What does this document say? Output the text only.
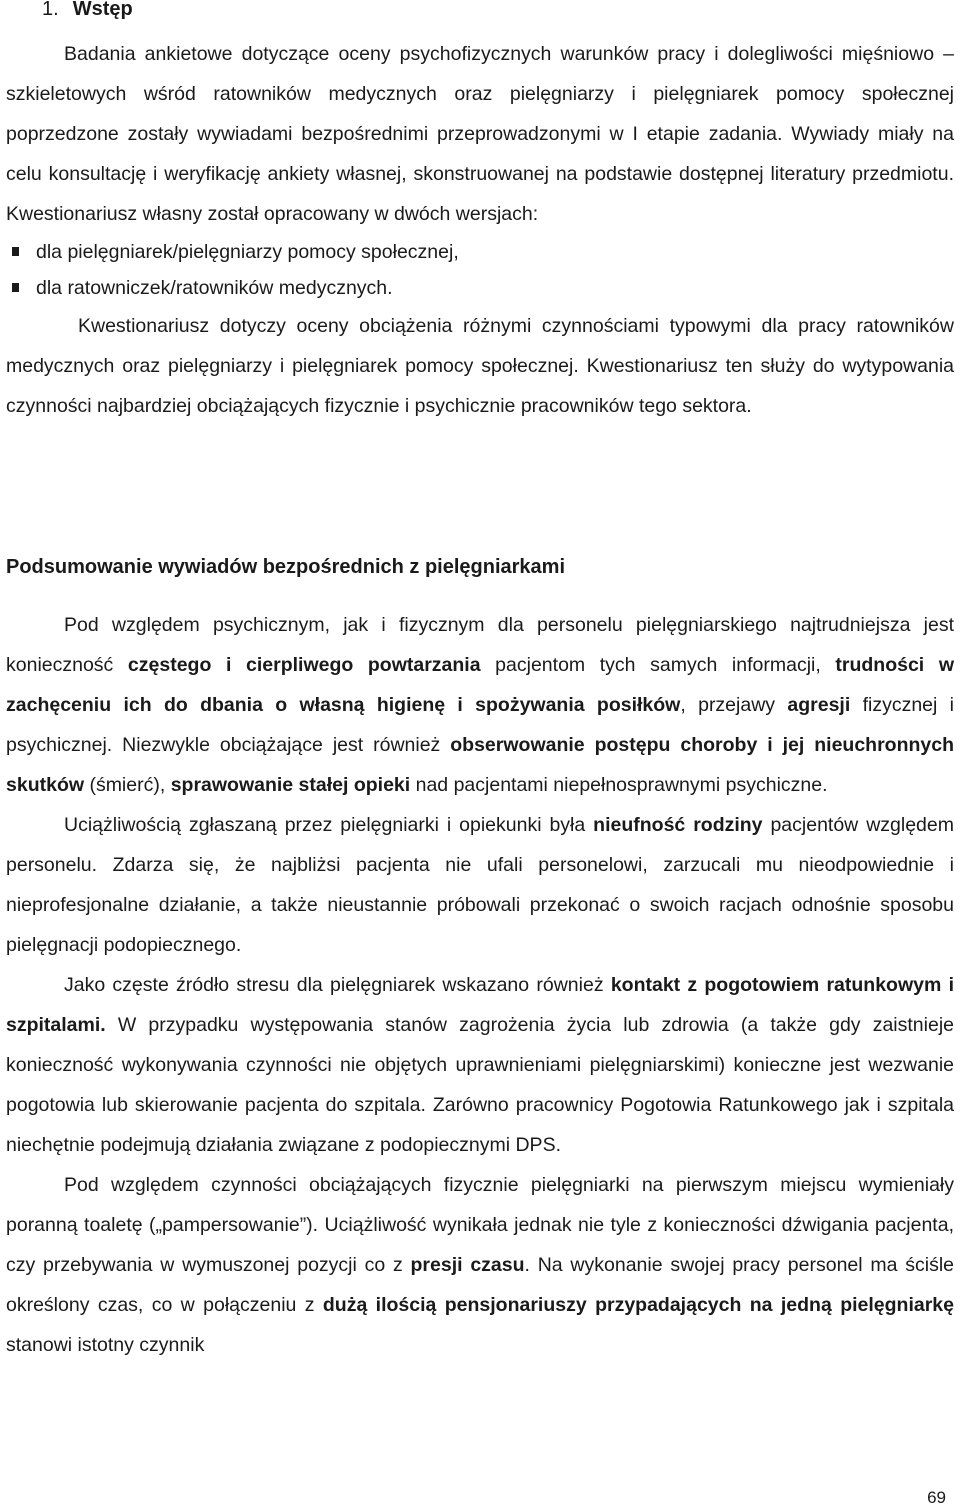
1. Wstęp

Badania ankietowe dotyczące oceny psychofizycznych warunków pracy i dolegliwości mięśniowo – szkieletowych wśród ratowników medycznych oraz pielęgniarzy i pielęgniarek pomocy społecznej poprzedzone zostały wywiadami bezpośrednimi przeprowadzonymi w I etapie zadania. Wywiady miały na celu konsultację i weryfikację ankiety własnej, skonstruowanej na podstawie dostępnej literatury przedmiotu. Kwestionariusz własny został opracowany w dwóch wersjach:

dla pielęgniarek/pielęgniarzy pomocy społecznej,
dla ratowniczek/ratowników medycznych.

Kwestionariusz dotyczy oceny obciążenia różnymi czynnościami typowymi dla pracy ratowników medycznych oraz pielęgniarzy i pielęgniarek pomocy społecznej. Kwestionariusz ten służy do wytypowania czynności najbardziej obciążających fizycznie i psychicznie pracowników tego sektora.

Podsumowanie wywiadów bezpośrednich z pielęgniarkami

Pod względem psychicznym, jak i fizycznym dla personelu pielęgniarskiego najtrudniejsza jest konieczność częstego i cierpliwego powtarzania pacjentom tych samych informacji, trudności w zachęceniu ich do dbania o własną higienę i spożywania posiłków, przejawy agresji fizycznej i psychicznej. Niezwykle obciążające jest również obserwowanie postępu choroby i jej nieuchronnych skutków (śmierć), sprawowanie stałej opieki nad pacjentami niepełnosprawnymi psychiczne.

Uciążliwością zgłaszaną przez pielęgniarki i opiekunki była nieufność rodziny pacjentów względem personelu. Zdarza się, że najbliżsi pacjenta nie ufali personelowi, zarzucali mu nieodpowiednie i nieprofesjonalne działanie, a także nieustannie próbowali przekonać o swoich racjach odnośnie sposobu pielęgnacji podopiecznego.

Jako częste źródło stresu dla pielęgniarek wskazano również kontakt z pogotowiem ratunkowym i szpitalami. W przypadku występowania stanów zagrożenia życia lub zdrowia (a także gdy zaistnieje konieczność wykonywania czynności nie objętych uprawnieniami pielęgniarskimi) konieczne jest wezwanie pogotowia lub skierowanie pacjenta do szpitala. Zarówno pracownicy Pogotowia Ratunkowego jak i szpitala niechętnie podejmują działania związane z podopiecznymi DPS.

Pod względem czynności obciążających fizycznie pielęgniarki na pierwszym miejscu wymieniały poranną toaletę („pampersowanie”). Uciążliwość wynikała jednak nie tyle z konieczności dźwigania pacjenta, czy przebywania w wymuszonej pozycji co z presji czasu. Na wykonanie swojej pracy personel ma ściśle określony czas, co w połączeniu z dużą ilością pensjonariuszy przypadających na jedną pielęgniarkę stanowi istotny czynnik

69
